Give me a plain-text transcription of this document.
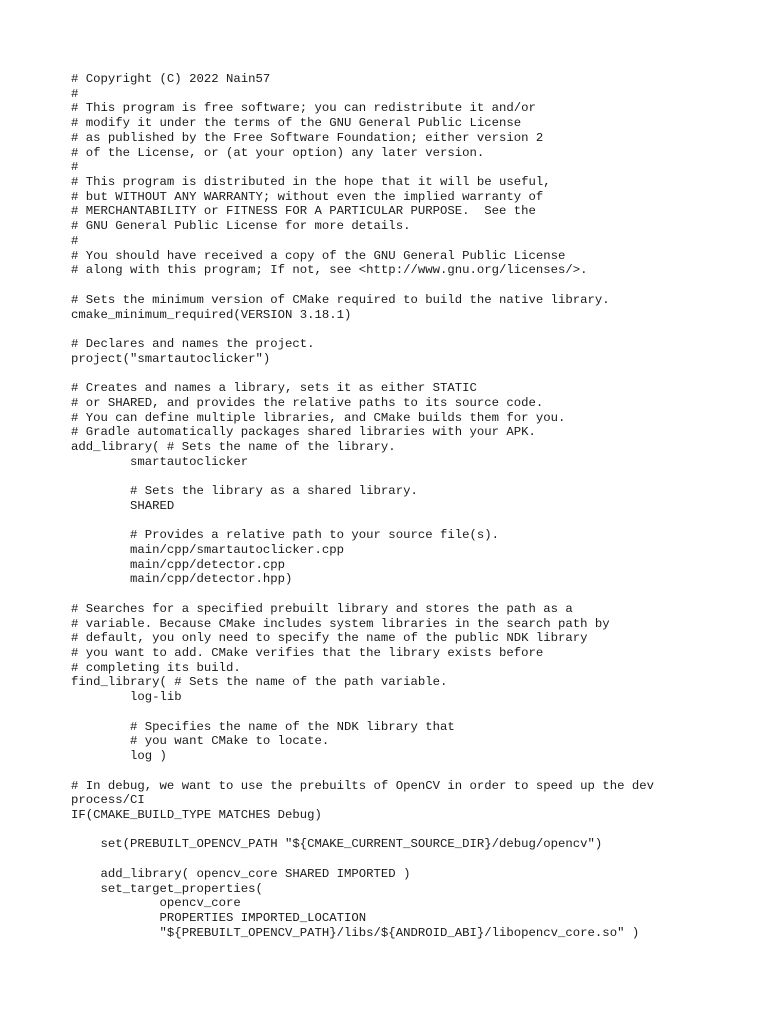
# Copyright (C) 2022 Nain57
#
# This program is free software; you can redistribute it and/or
# modify it under the terms of the GNU General Public License
# as published by the Free Software Foundation; either version 2
# of the License, or (at your option) any later version.
#
# This program is distributed in the hope that it will be useful,
# but WITHOUT ANY WARRANTY; without even the implied warranty of
# MERCHANTABILITY or FITNESS FOR A PARTICULAR PURPOSE.  See the
# GNU General Public License for more details.
#
# You should have received a copy of the GNU General Public License
# along with this program; If not, see <http://www.gnu.org/licenses/>.
# Sets the minimum version of CMake required to build the native library.
cmake_minimum_required(VERSION 3.18.1)
# Declares and names the project.
project("smartautoclicker")
# Creates and names a library, sets it as either STATIC
# or SHARED, and provides the relative paths to its source code.
# You can define multiple libraries, and CMake builds them for you.
# Gradle automatically packages shared libraries with your APK.
add_library( # Sets the name of the library.
smartautoclicker
# Sets the library as a shared library.
SHARED
# Provides a relative path to your source file(s).
main/cpp/smartautoclicker.cpp
main/cpp/detector.cpp
main/cpp/detector.hpp)
# Searches for a specified prebuilt library and stores the path as a
# variable. Because CMake includes system libraries in the search path by
# default, you only need to specify the name of the public NDK library
# you want to add. CMake verifies that the library exists before
# completing its build.
find_library( # Sets the name of the path variable.
log-lib
# Specifies the name of the NDK library that
# you want CMake to locate.
log )
# In debug, we want to use the prebuilts of OpenCV in order to speed up the dev
process/CI
IF(CMAKE_BUILD_TYPE MATCHES Debug)
set(PREBUILT_OPENCV_PATH "${CMAKE_CURRENT_SOURCE_DIR}/debug/opencv")
add_library( opencv_core SHARED IMPORTED )
set_target_properties(
opencv_core
PROPERTIES IMPORTED_LOCATION
"${PREBUILT_OPENCV_PATH}/libs/${ANDROID_ABI}/libopencv_core.so" )
